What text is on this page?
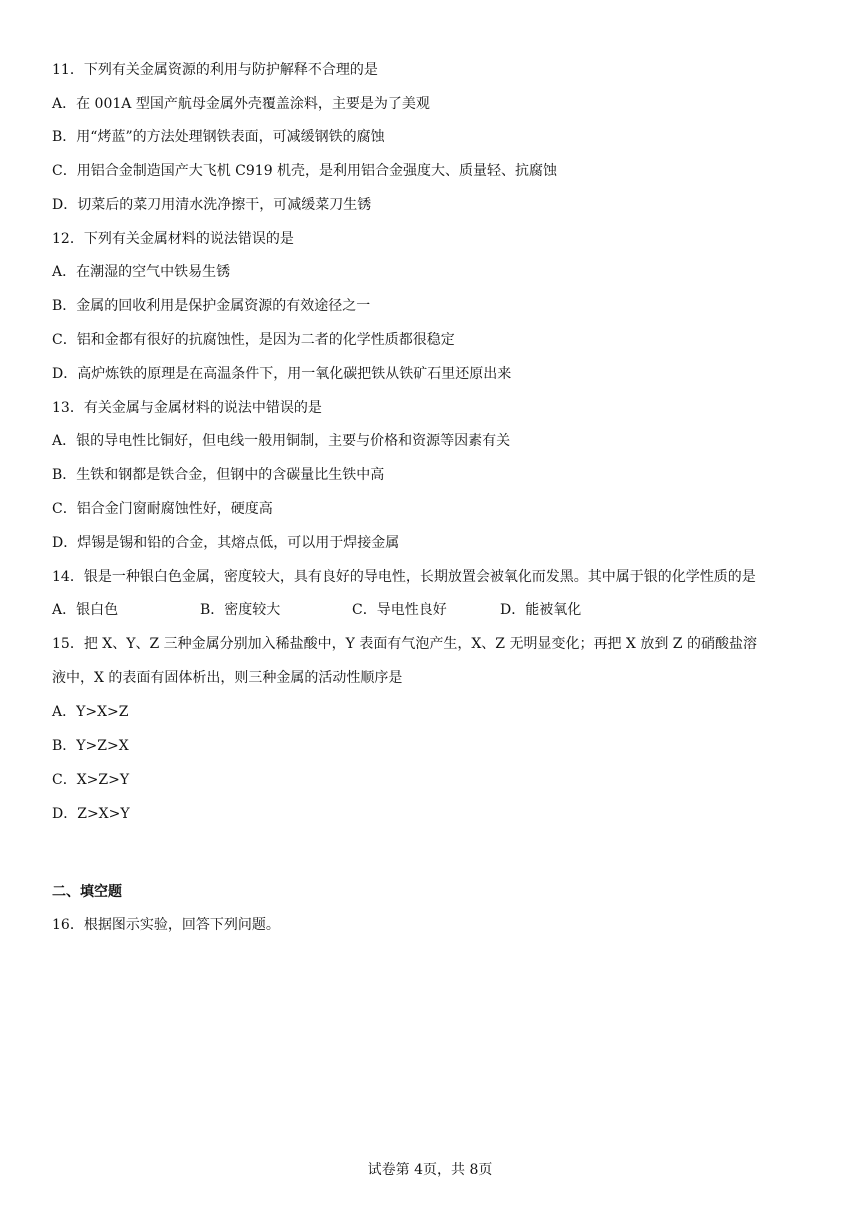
11．下列有关金属资源的利用与防护解释不合理的是
A．在 001A 型国产航母金属外壳覆盖涂料，主要是为了美观
B．用“烤蓝”的方法处理钢铁表面，可减缓钢铁的腐蚀
C．用铝合金制造国产大飞机 C919 机壳，是利用铝合金强度大、质量轻、抗腐蚀
D．切菜后的菜刀用清水洗净擦干，可减缓菜刀生锈
12．下列有关金属材料的说法错误的是
A．在潮湿的空气中铁易生锈
B．金属的回收利用是保护金属资源的有效途径之一
C．铝和金都有很好的抗腐蚀性，是因为二者的化学性质都很稳定
D．高炉炼铁的原理是在高温条件下，用一氧化碳把铁从铁矿石里还原出来
13．有关金属与金属材料的说法中错误的是
A．银的导电性比铜好，但电线一般用铜制，主要与价格和资源等因素有关
B．生铁和钢都是铁合金，但钢中的含碳量比生铁中高
C．铝合金门窗耐腐蚀性好，硬度高
D．焊锡是锡和铅的合金，其熔点低，可以用于焊接金属
14．银是一种银白色金属，密度较大，具有良好的导电性，长期放置会被氧化而发黑。其中属于银的化学性质的是
A．银白色	B．密度较大	C．导电性良好	D．能被氧化
15．把 X、Y、Z 三种金属分别加入稀盐酸中，Y 表面有气泡产生，X、Z 无明显变化；再把 X 放到 Z 的硝酸盐溶
液中，X 的表面有固体析出，则三种金属的活动性顺序是
A．Y>X>Z
B．Y>Z>X
C．X>Z>Y
D．Z>X>Y
二、填空题
16．根据图示实验，回答下列问题。
试卷第 4页，共 8页
